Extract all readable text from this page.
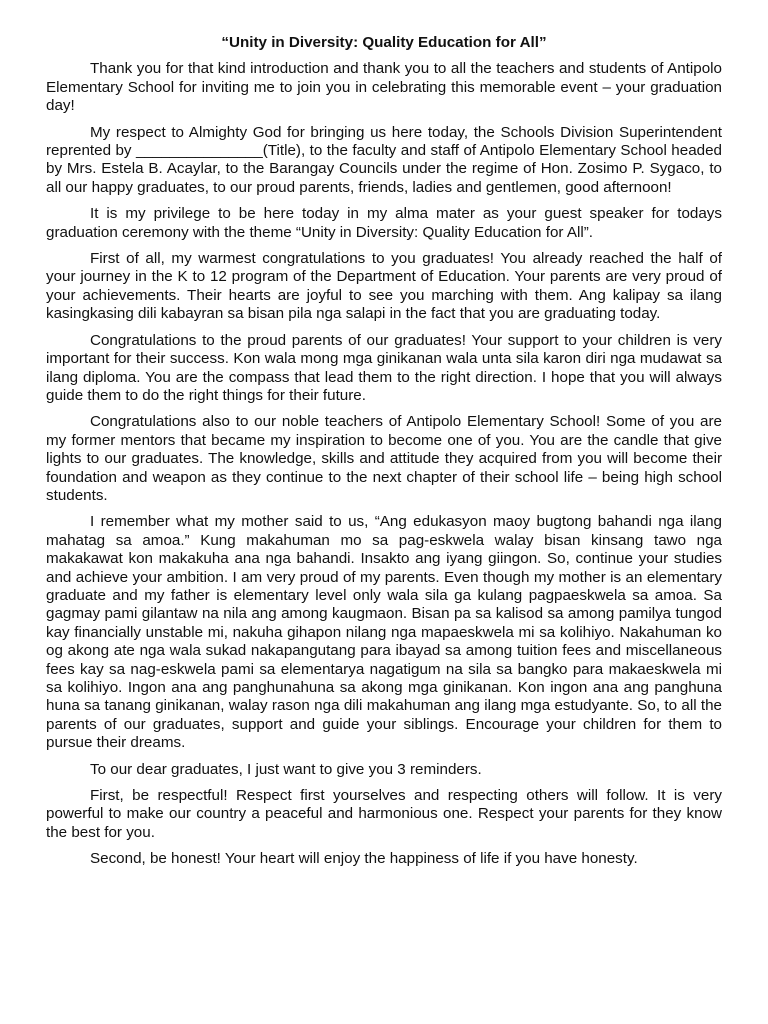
“Unity in Diversity: Quality Education for All”

Thank you for that kind introduction and thank you to all the teachers and students of Antipolo Elementary School for inviting me to join you in celebrating this memorable event – your graduation day!

My respect to Almighty God for bringing us here today, the Schools Division Superintendent reprented by _______________(Title), to the faculty and staff of Antipolo Elementary School headed by Mrs. Estela B. Acaylar, to the Barangay Councils under the regime of Hon. Zosimo P. Sygaco, to all our happy graduates, to our proud parents, friends, ladies and gentlemen, good afternoon!

It is my privilege to be here today in my alma mater as your guest speaker for todays graduation ceremony with the theme “Unity in Diversity: Quality Education for All”.

First of all, my warmest congratulations to you graduates! You already reached the half of your journey in the K to 12 program of the Department of Education. Your parents are very proud of your achievements. Their hearts are joyful to see you marching with them. Ang kalipay sa ilang kasingkasing dili kabayran sa bisan pila nga salapi in the fact that you are graduating today.

Congratulations to the proud parents of our graduates! Your support to your children is very important for their success. Kon wala mong mga ginikanan wala unta sila karon diri nga mudawat sa ilang diploma. You are the compass that lead them to the right direction. I hope that you will always guide them to do the right things for their future.

Congratulations also to our noble teachers of Antipolo Elementary School! Some of you are my former mentors that became my inspiration to become one of you. You are the candle that give lights to our graduates. The knowledge, skills and attitude they acquired from you will become their foundation and weapon as they continue to the next chapter of their school life – being high school students.

I remember what my mother said to us, “Ang edukasyon maoy bugtong bahandi nga ilang mahatag sa amoa.” Kung makahuman mo sa pag-eskwela walay bisan kinsang tawo nga makakawat kon makakuha ana nga bahandi. Insakto ang iyang giingon. So, continue your studies and achieve your ambition. I am very proud of my parents. Even though my mother is an elementary graduate and my father is elementary level only wala sila ga kulang pagpaeskwela sa amoa. Sa gagmay pami gilantaw na nila ang among kaugmaon. Bisan pa sa kalisod sa among pamilya tungod kay financially unstable mi, nakuha gihapon nilang nga mapaeskwela mi sa kolihiyo. Nakahuman ko og akong ate nga wala sukad nakapangutang para ibayad sa among tuition fees and miscellaneous fees kay sa nag-eskwela pami sa elementarya nagatigum na sila sa bangko para makaeskwela mi sa kolihiyo. Ingon ana ang panghunahuna sa akong mga ginikanan. Kon ingon ana ang panghuna huna sa tanang ginikanan, walay rason nga dili makahuman ang ilang mga estudyante. So, to all the parents of our graduates, support and guide your siblings. Encourage your children for them to pursue their dreams.

To our dear graduates, I just want to give you 3 reminders.

First, be respectful! Respect first yourselves and respecting others will follow. It is very powerful to make our country a peaceful and harmonious one. Respect your parents for they know the best for you.

Second, be honest! Your heart will enjoy the happiness of life if you have honesty.
